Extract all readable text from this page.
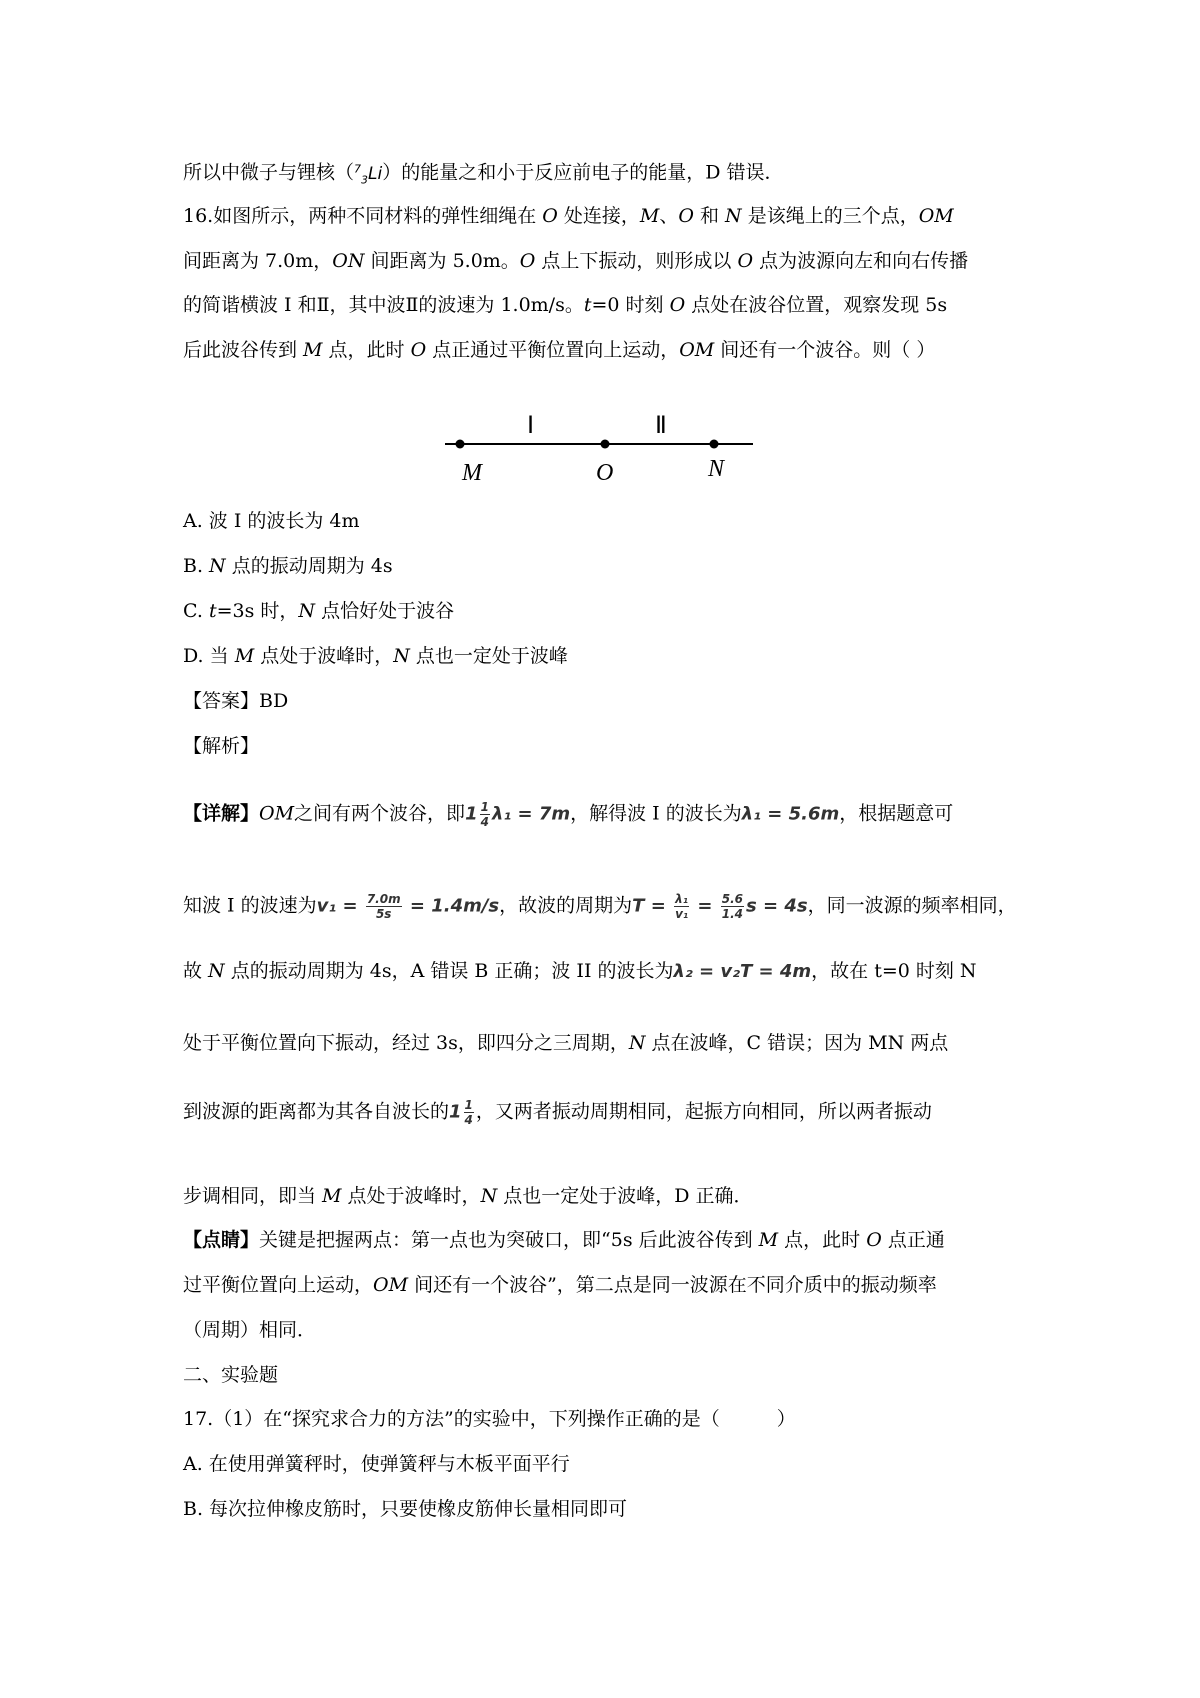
所以中微子与锂核（$^7_3$Li）的能量之和小于反应前电子的能量，D 错误．
16.如图所示，两种不同材料的弹性细绳在 O 处连接，M、O 和 N 是该绳上的三个点，OM
间距离为 7.0m，ON 间距离为 5.0m。O 点上下振动，则形成以 O 点为波源向左和向右传播
的简谐横波 Ⅰ 和Ⅱ，其中波Ⅱ的波速为 1.0m/s。t=0 时刻 O 点处在波谷位置，观察发现 5s
后此波谷传到 M 点，此时 O 点正通过平衡位置向上运动，OM 间还有一个波谷。则（ ）
Ⅰ	Ⅱ
M	O	N
A. 波 Ⅰ 的波长为 4m
B. N 点的振动周期为 4s
C. t=3s 时，N 点恰好处于波谷
D. 当 M 点处于波峰时，N 点也一定处于波峰
【答案】BD
【解析】
【详解】OM之间有两个波谷，即$1 \frac{1}{4} \lambda_1 = 7m$，解得波 I 的波长为λ₁ = 5.6m，根据题意可
知波 I 的波速为$v_1 = \frac{7.0m}{5s} = 1.4m/s$，故波的周期为$T = \frac{\text{λ₁}}{\text{v₁}} = \frac{5.6}{1.4}$ s = 4s，同一波源的频率相同，
故 N 点的振动周期为 4s，A 错误 B 正确；波 II 的波长为λ₂ = v₂T = 4m，故在 t=0 时刻 N
处于平衡位置向下振动，经过 3s，即四分之三周期，N 点在波峰，C 错误；因为 MN 两点
到波源的距离都为其各自波长的$1 \frac{1}{4}$ ，又两者振动周期相同，起振方向相同，所以两者振动
步调相同，即当 M 点处于波峰时，N 点也一定处于波峰，D 正确．
【点睛】关键是把握两点：第一点也为突破口，即“5s 后此波谷传到 M 点，此时 O 点正通
过平衡位置向上运动，OM 间还有一个波谷”，第二点是同一波源在不同介质中的振动频率
（周期）相同．
二、实验题
17.（1）在“探究求合力的方法”的实验中，下列操作正确的是（　　　）
A. 在使用弹簧秤时，使弹簧秤与木板平面平行
B. 每次拉伸橡皮筋时，只要使橡皮筋伸长量相同即可
